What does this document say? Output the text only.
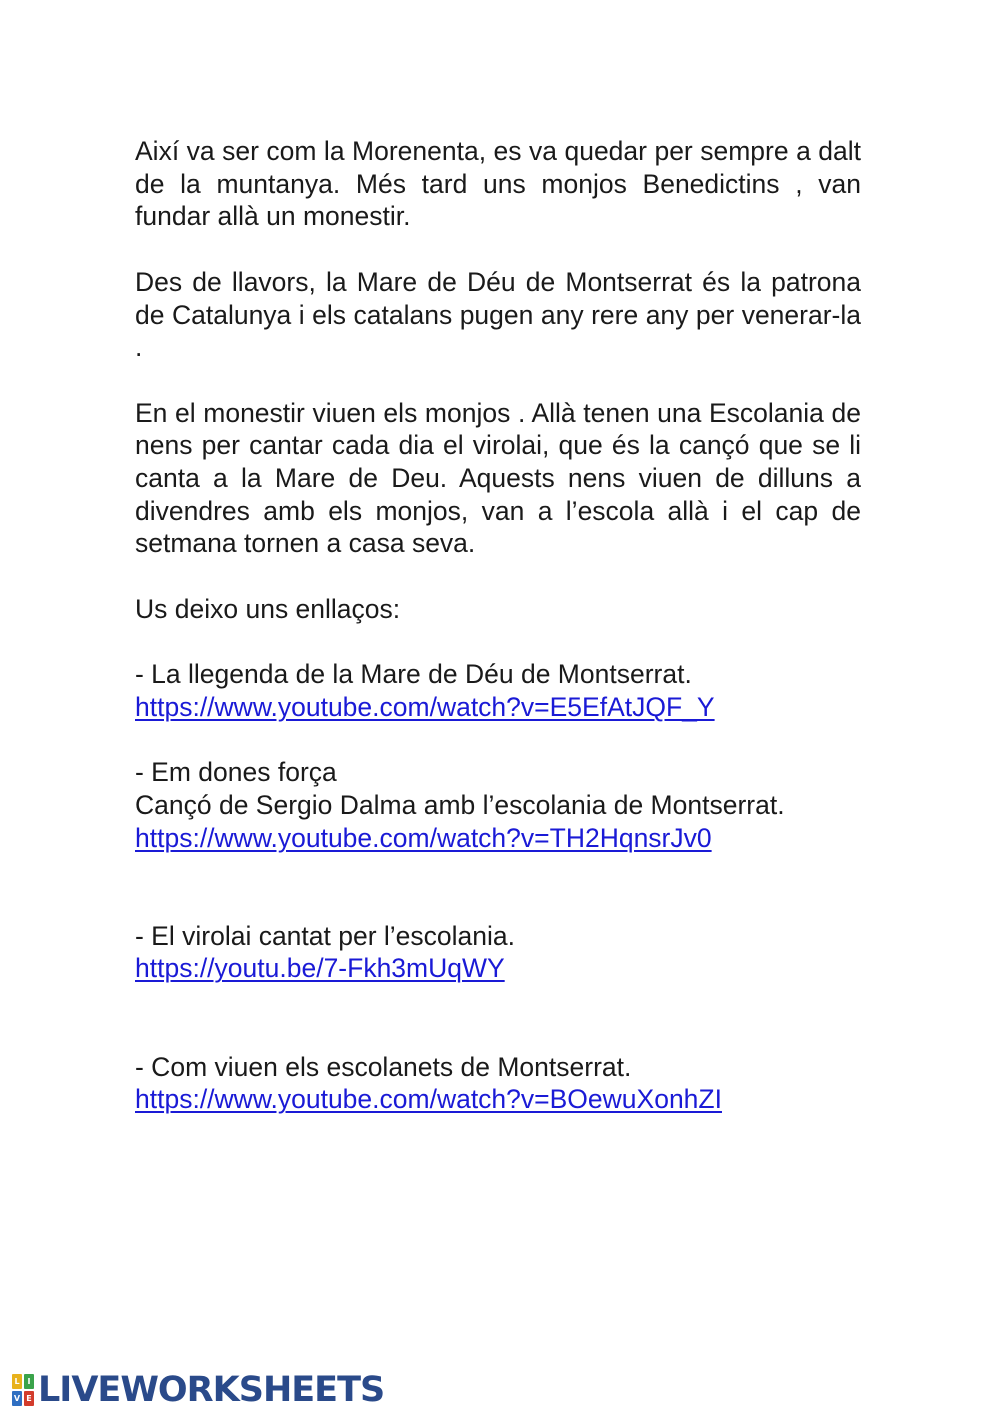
Així va ser com la Morenenta, es va quedar per sempre a dalt de la muntanya. Més tard uns monjos Benedictins , van fundar allà un monestir.

Des de llavors, la Mare de Déu de Montserrat és la patrona de Catalunya i els catalans pugen any rere any per venerar-la .

En el monestir viuen els monjos . Allà tenen una Escolania de nens per cantar cada dia el virolai, que és la cançó que se li canta a la Mare de Deu. Aquests nens viuen de dilluns a divendres amb els monjos, van a l’escola allà i el cap de setmana tornen a casa seva.

Us deixo uns enllaços:

- La llegenda de la Mare de Déu de Montserrat.

https://www.youtube.com/watch?v=E5EfAtJQF_Y

- Em dones força

Cançó de Sergio Dalma amb l’escolania de Montserrat.

https://www.youtube.com/watch?v=TH2HqnsrJv0

- El virolai cantat per l’escolania.

https://youtu.be/7-Fkh3mUqWY

- Com viuen els escolanets de Montserrat.

https://www.youtube.com/watch?v=BOewuXonhZI
L I
V E LIVEWORKSHEETS
